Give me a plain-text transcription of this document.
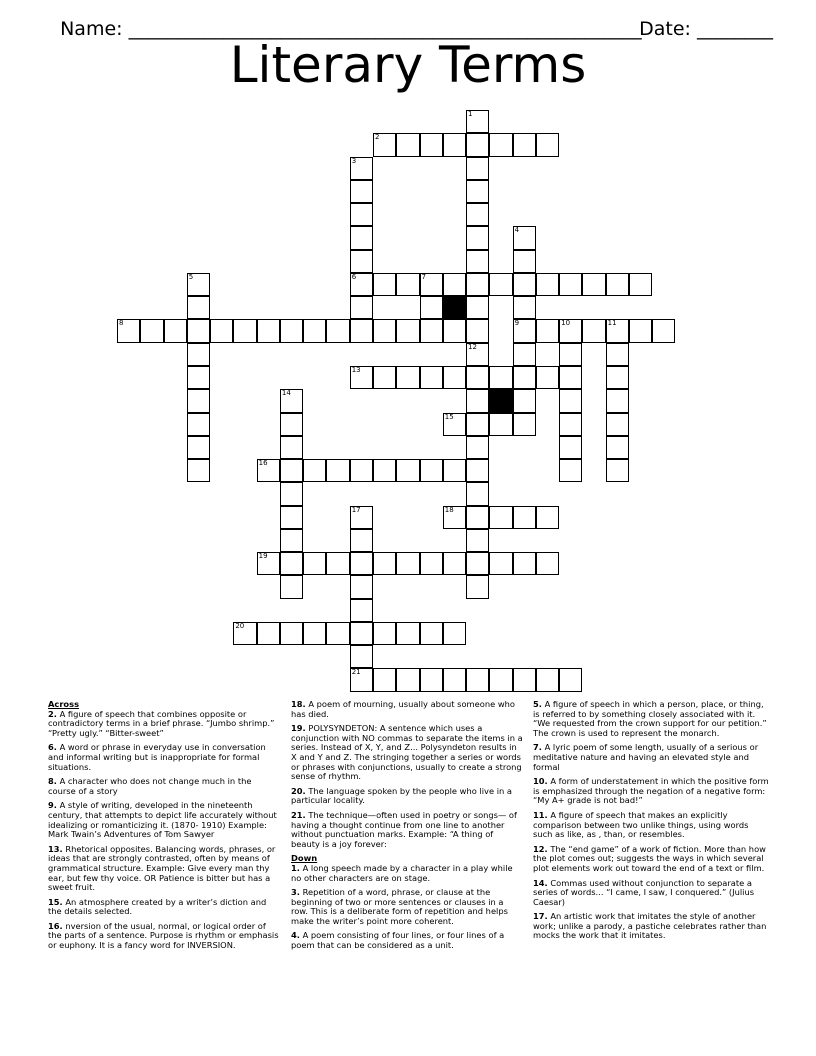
Name: ______________________________________________________

Date: ________

Literary Terms
1
12
2
3
6
4
9
5	7
8	10	11
13
14
15
16
17
21
18
19
20

Across

2. A figure of speech that combines opposite or contradictory terms in a brief phrase. “Jumbo shrimp.” “Pretty ugly.” “Bitter-sweet”

6. A word or phrase in everyday use in conversation and informal writing but is inappropriate for formal situations.

8. A character who does not change much in the course of a story

9. A style of writing, developed in the nineteenth century, that attempts to depict life accurately without idealizing or romanticizing it. (1870- 1910) Example: Mark Twain’s Adventures of Tom Sawyer

13. Rhetorical opposites. Balancing words, phrases, or ideas that are strongly contrasted, often by means of grammatical structure. Example: Give every man thy ear, but few thy voice. OR Patience is bitter but has a sweet fruit.

15. An atmosphere created by a writer’s diction and the details selected.

16. nversion of the usual, normal, or logical order of the parts of a sentence. Purpose is rhythm or emphasis or euphony. It is a fancy word for INVERSION.

18. A poem of mourning, usually about someone who has died.

19. POLYSYNDETON: A sentence which uses a conjunction with NO commas to separate the items in a series. Instead of X, Y, and Z... Polysyndeton results in X and Y and Z. The stringing together a series or words or phrases with conjunctions, usually to create a strong sense of rhythm.

20. The language spoken by the people who live in a particular locality.

21. The technique—often used in poetry or songs— of having a thought continue from one line to another without punctuation marks. Example: “A thing of beauty is a joy forever:

Down

1. A long speech made by a character in a play while no other characters are on stage.

3. Repetition of a word, phrase, or clause at the beginning of two or more sentences or clauses in a row. This is a deliberate form of repetition and helps make the writer’s point more coherent.

4. A poem consisting of four lines, or four lines of a poem that can be considered as a unit.

5. A figure of speech in which a person, place, or thing, is referred to by something closely associated with it. “We requested from the crown support for our petition.” The crown is used to represent the monarch.

7. A lyric poem of some length, usually of a serious or meditative nature and having an elevated style and formal

10. A form of understatement in which the positive form is emphasized through the negation of a negative form: “My A+ grade is not bad!”

11. A figure of speech that makes an explicitly comparison between two unlike things, using words such as like, as , than, or resembles.

12. The “end game” of a work of fiction. More than how the plot comes out; suggests the ways in which several plot elements work out toward the end of a text or film.

14. Commas used without conjunction to separate a series of words... “I came, I saw, I conquered.” (Julius Caesar)

17. An artistic work that imitates the style of another work; unlike a parody, a pastiche celebrates rather than mocks the work that it imitates.
